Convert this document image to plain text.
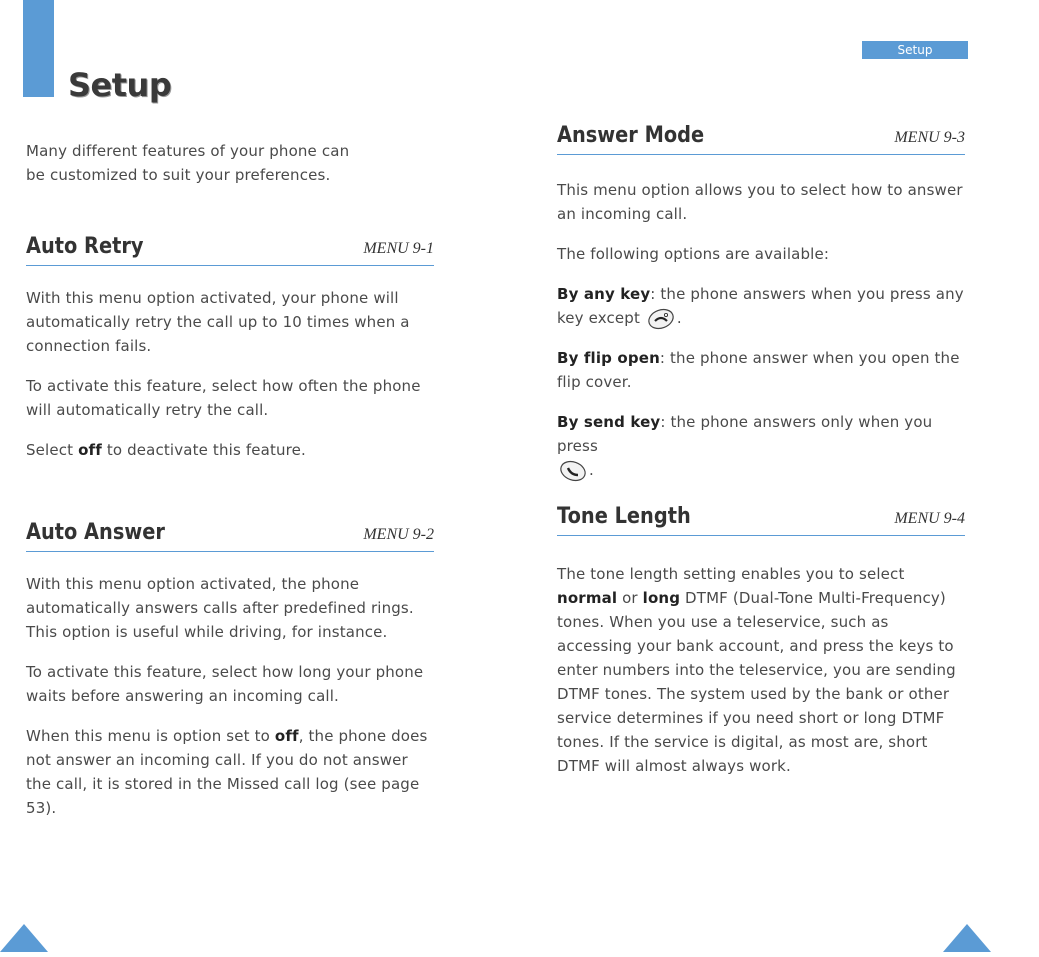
Setup
Setup

Many different features of your phone can be customized to suit your preferences.

Auto Retry	MENU 9-1

With this menu option activated, your phone will automatically retry the call up to 10 times when a connection fails.

To activate this feature, select how often the phone will automatically retry the call.

Select off to deactivate this feature.

Auto Answer	MENU 9-2

With this menu option activated, the phone automatically answers calls after predefined rings. This option is useful while driving, for instance.

To activate this feature, select how long your phone waits before answering an incoming call.

When this menu is option set to off, the phone does not answer an incoming call. If you do not answer the call, it is stored in the Missed call log (see page 53).

Answer Mode	MENU 9-3

This menu option allows you to select how to answer an incoming call.

The following options are available:

By any key: the phone answers when you press any key except .

By flip open: the phone answer when you open the flip cover.

By send key: the phone answers only when you press
.

Tone Length	MENU 9-4

The tone length setting enables you to select normal or long DTMF (Dual-Tone Multi-Frequency) tones. When you use a teleservice, such as accessing your bank account, and press the keys to enter numbers into the teleservice, you are sending DTMF tones. The system used by the bank or other service determines if you need short or long DTMF tones. If the service is digital, as most are, short DTMF will almost always work.

92	93
